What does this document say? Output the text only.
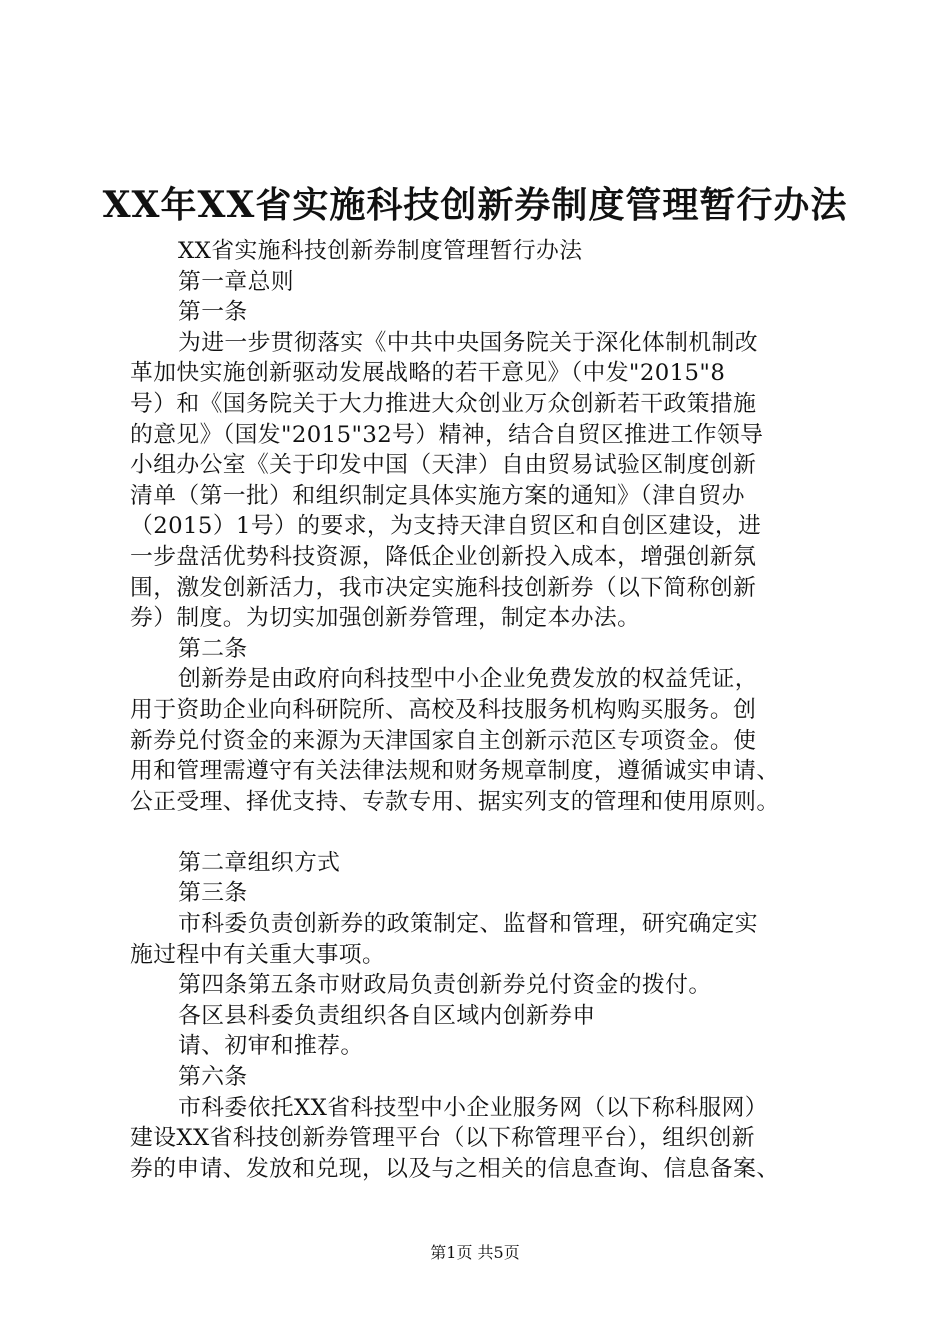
XX年XX省实施科技创新券制度管理暂行办法
XX省实施科技创新券制度管理暂行办法
第一章总则
第一条
为进一步贯彻落实《中共中央国务院关于深化体制机制改
革加快实施创新驱动发展战略的若干意见》（中发"2015"8
号）和《国务院关于大力推进大众创业万众创新若干政策措施
的意见》（国发"2015"32号）精神，结合自贸区推进工作领导
小组办公室《关于印发中国（天津）自由贸易试验区制度创新
清单（第一批）和组织制定具体实施方案的通知》（津自贸办
（2015）1号）的要求，为支持天津自贸区和自创区建设，进
一步盘活优势科技资源，降低企业创新投入成本，增强创新氛
围，激发创新活力，我市决定实施科技创新券（以下简称创新
券）制度。为切实加强创新券管理，制定本办法。
第二条
创新券是由政府向科技型中小企业免费发放的权益凭证，
用于资助企业向科研院所、高校及科技服务机构购买服务。创
新券兑付资金的来源为天津国家自主创新示范区专项资金。使
用和管理需遵守有关法律法规和财务规章制度，遵循诚实申请、
公正受理、择优支持、专款专用、据实列支的管理和使用原则。
第二章组织方式
第三条
市科委负责创新券的政策制定、监督和管理，研究确定实
施过程中有关重大事项。
第四条第五条市财政局负责创新券兑付资金的拨付。
各区县科委负责组织各自区域内创新券申
请、初审和推荐。
第六条
市科委依托XX省科技型中小企业服务网（以下称科服网）
建设XX省科技创新券管理平台（以下称管理平台），组织创新
券的申请、发放和兑现，以及与之相关的信息查询、信息备案、
第1页 共5页
